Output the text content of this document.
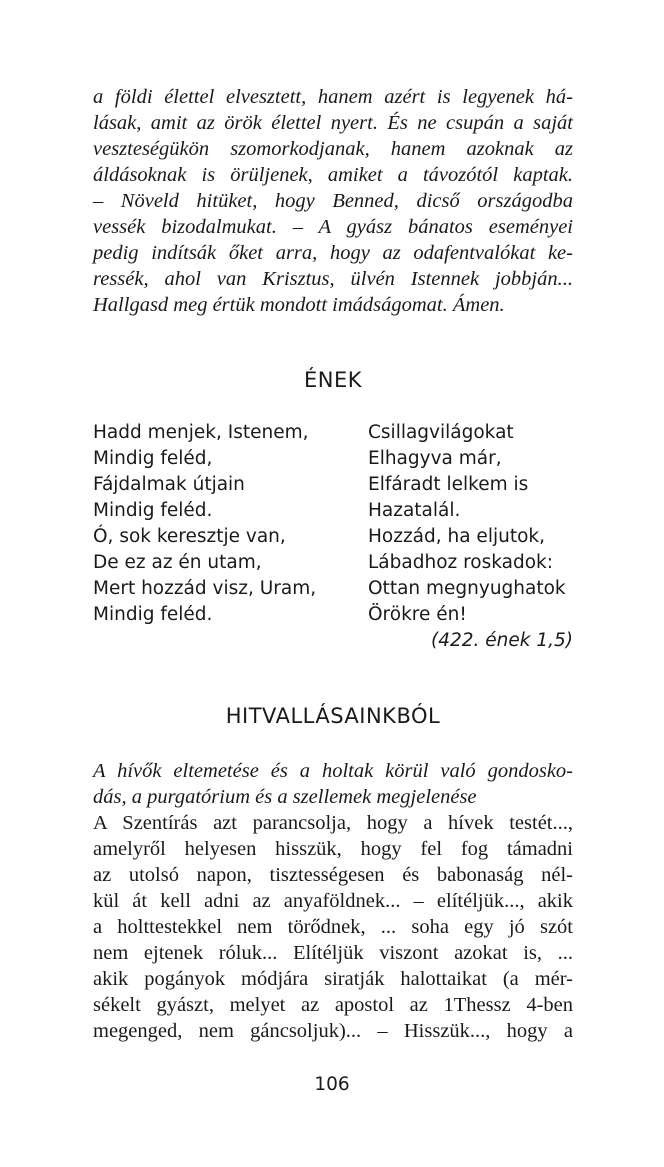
a földi élettel elvesztett, hanem azért is legyenek há-
lásak, amit az örök élettel nyert. És ne csupán a saját
veszteségükön szomorkodjanak, hanem azoknak az
áldásoknak is örüljenek, amiket a távozótól kaptak.
– Növeld hitüket, hogy Benned, dicső országodba
vessék bizodalmukat. – A gyász bánatos eseményei
pedig indítsák őket arra, hogy az odafentvalókat ke-
ressék, ahol van Krisztus, ülvén Istennek jobbján...
Hallgasd meg értük mondott imádságomat. Ámen.
ÉNEK
Hadd menjek, Istenem,
Mindig feléd,
Fájdalmak útjain
Mindig feléd.
Ó, sok keresztje van,
De ez az én utam,
Mert hozzád visz, Uram,
Mindig feléd.
Csillagvilágokat
Elhagyva már,
Elfáradt lelkem is
Hazatalál.
Hozzád, ha eljutok,
Lábadhoz roskadok:
Ottan megnyughatok
Örökre én!
(422. ének 1,5)
HITVALLÁSAINKBÓL
A hívők eltemetése és a holtak körül való gondosko-
dás, a purgatórium és a szellemek megjelenése
A Szentírás azt parancsolja, hogy a hívek testét...,
amelyről helyesen hisszük, hogy fel fog támadni
az utolsó napon, tisztességesen és babonaság nél-
kül át kell adni az anyaföldnek... – elítéljük..., akik
a holttestekkel nem törődnek, ... soha egy jó szót
nem ejtenek róluk... Elítéljük viszont azokat is, ...
akik pogányok módjára siratják halottaikat (a mér-
sékelt gyászt, melyet az apostol az 1Thessz 4-ben
megenged, nem gáncsoljuk)... – Hisszük..., hogy a
106
